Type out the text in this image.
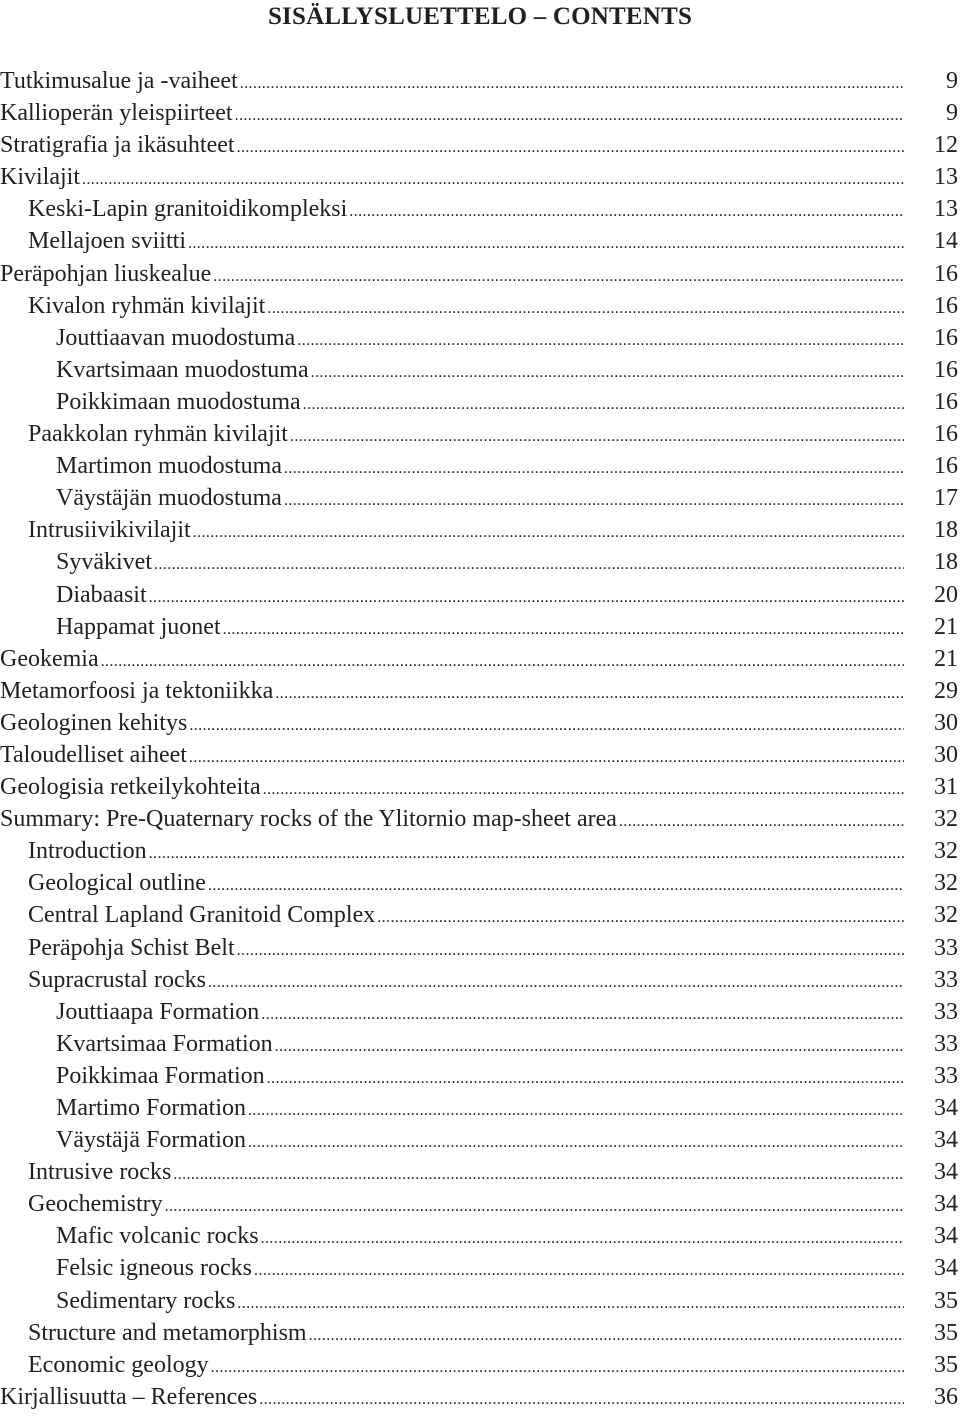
SISÄLLYSLUETTELO – CONTENTS
Tutkimusalue ja -vaiheet .....	9
Kallioperän yleispiirteet .....	9
Stratigrafia ja ikäsuhteet .....	12
Kivilajit .....	13
Keski-Lapin granitoidikompleksi .....	13
Mellajoen sviitti .....	14
Peräpohjan liuskealue .....	16
Kivalon ryhmän kivilajit .....	16
Jouttiaavan muodostuma .....	16
Kvartsimaan muodostuma .....	16
Poikkimaan muodostuma .....	16
Paakkolan ryhmän kivilajit .....	16
Martimon muodostuma .....	16
Väystäjän muodostuma .....	17
Intrusiivikivilajit .....	18
Syväkivet .....	18
Diabaasit .....	20
Happamat juonet .....	21
Geokemia .....	21
Metamorfoosi ja tektoniikka .....	29
Geologinen kehitys .....	30
Taloudelliset aiheet .....	30
Geologisia retkeilykohteita .....	31
Summary: Pre-Quaternary rocks of the Ylitornio map-sheet area .....	32
Introduction .....	32
Geological outline .....	32
Central Lapland Granitoid Complex .....	32
Peräpohja Schist Belt .....	33
Supracrustal rocks .....	33
Jouttiaapa Formation .....	33
Kvartsimaa Formation .....	33
Poikkimaa Formation .....	33
Martimo Formation .....	34
Väystäjä Formation .....	34
Intrusive rocks .....	34
Geochemistry .....	34
Mafic volcanic rocks .....	34
Felsic igneous rocks .....	34
Sedimentary rocks .....	35
Structure and metamorphism .....	35
Economic geology .....	35
Kirjallisuutta – References .....	36
